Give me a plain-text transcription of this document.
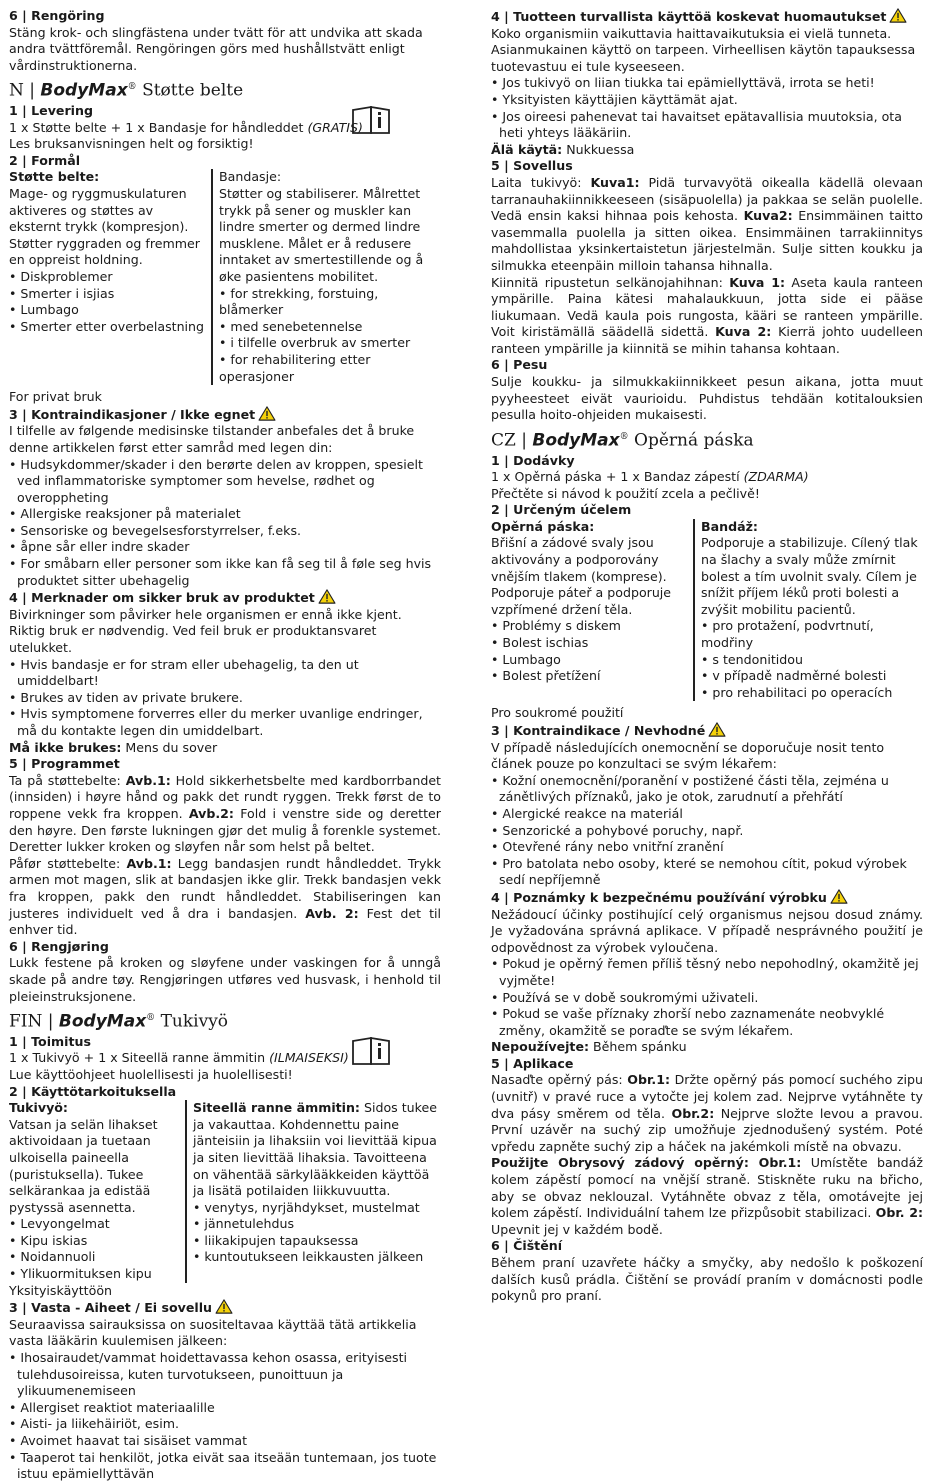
6 | Rengöring

Stäng krok- och slingfästena under tvätt för att undvika att skada andra tvättföremål. Rengöringen görs med hushållstvätt enligt vårdinstruktionerna.

N | BodyMax® Støtte belte

1 | Levering

1 x Støtte belte + 1 x Bandasje for håndleddet (GRATIS)

Les bruksanvisningen helt og forsiktig!

2 | Formål

Støtte belte:

Mage- og ryggmuskulaturen aktiveres og støttes av eksternt trykk (kompresjon). Støtter ryggraden og fremmer en oppreist holdning.

• Diskproblemer

• Smerter i isjias

• Lumbago

• Smerter etter overbelastning

Bandasje:

Støtter og stabiliserer. Målrettet trykk på sener og muskler kan lindre smerter og dermed lindre musklene. Målet er å redusere inntaket av smertestillende og å øke pasientens mobilitet.

• for strekking, forstuing, blåmerker

• med senebetennelse

• i tilfelle overbruk av smerter

• for rehabilitering etter operasjoner

For privat bruk

3 | Kontraindikasjoner / Ikke egnet

I tilfelle av følgende medisinske tilstander anbefales det å bruke denne artikkelen først etter samråd med legen din:

• Hudsykdommer/skader i den berørte delen av kroppen, spesielt ved inflammatoriske symptomer som hevelse, rødhet og overoppheting

• Allergiske reaksjoner på materialet

• Sensoriske og bevegelsesforstyrrelser, f.eks.

• åpne sår eller indre skader

• For småbarn eller personer som ikke kan få seg til å føle seg hvis produktet sitter ubehagelig

4 | Merknader om sikker bruk av produktet

Bivirkninger som påvirker hele organismen er ennå ikke kjent. Riktig bruk er nødvendig. Ved feil bruk er produktansvaret utelukket.

• Hvis bandasje er for stram eller ubehagelig, ta den ut umiddelbart!

• Brukes av tiden av private brukere.

• Hvis symptomene forverres eller du merker uvanlige endringer, må du kontakte legen din umiddelbart.

Må ikke brukes: Mens du sover

5 | Programmet

Ta på støttebelte: Avb.1: Hold sikkerhetsbelte med kardborrbandet (innsiden) i høyre hånd og pakk det rundt ryggen. Trekk først de to roppene vekk fra kroppen. Avb.2: Fold i venstre side og deretter den høyre. Den første lukningen gjør det mulig å forenkle systemet. Deretter lukker kroken og sløyfen når som helst på beltet.

Påfør støttebelte: Avb.1: Legg bandasjen rundt håndleddet. Trykk armen mot magen, slik at bandasjen ikke glir. Trekk bandasjen vekk fra kroppen, pakk den rundt håndleddet. Stabiliseringen kan justeres individuelt ved å dra i bandasjen. Avb. 2: Fest det til enhver tid.

6 | Rengjøring

Lukk festene på kroken og sløyfene under vaskingen for å unngå skade på andre tøy. Rengjøringen utføres ved husvask, i henhold til pleieinstruksjonene.

FIN | BodyMax® Tukivyö

1 | Toimitus

1 x Tukivyö + 1 x Siteellä ranne ämmitin (ILMAISEKSI)

Lue käyttöohjeet huolellisesti ja huolellisesti!

2 | Käyttötarkoituksella

Tukivyö:

Vatsan ja selän lihakset aktivoidaan ja tuetaan ulkoisella paineella (puristuksella). Tukee selkärankaa ja edistää pystyssä asennetta.

• Levyongelmat

• Kipu iskias

• Noidannuoli

• Ylikuormituksen kipu

Siteellä ranne ämmitin: Sidos tukee ja vakauttaa. Kohdennettu paine jänteisiin ja lihaksiin voi lievittää kipua ja siten lievittää lihaksia. Tavoitteena on vähentää särkylääkkeiden käyttöä ja lisätä potilaiden liikkuvuutta.

• venytys, nyrjähdykset, mustelmat

• jännetulehdus

• liikakipujen tapauksessa

• kuntoutukseen leikkausten jälkeen

Yksityiskäyttöön

3 | Vasta - Aiheet / Ei sovellu

Seuraavissa sairauksissa on suositeltavaa käyttää tätä artikkelia vasta lääkärin kuulemisen jälkeen:

• Ihosairaudet/vammat hoidettavassa kehon osassa, erityisesti tulehdusoireissa, kuten turvotukseen, punoittuun ja ylikuumenemiseen

• Allergiset reaktiot materiaalille

• Aisti- ja liikehäiriöt, esim.

• Avoimet haavat tai sisäiset vammat

• Taaperot tai henkilöt, jotka eivät saa itseään tuntemaan, jos tuote istuu epämiellyttävän

4 | Tuotteen turvallista käyttöä koskevat huomautukset

Koko organismiin vaikuttavia haittavaikutuksia ei vielä tunneta. Asianmukainen käyttö on tarpeen. Virheellisen käytön tapauksessa tuotevastuu ei tule kyseeseen.

• Jos tukivyö on liian tiukka tai epämiellyttävä, irrota se heti!

• Yksityisten käyttäjien käyttämät ajat.

• Jos oireesi pahenevat tai havaitset epätavallisia muutoksia, ota heti yhteys lääkäriin.

Älä käytä: Nukkuessa

5 | Sovellus

Laita tukivyö: Kuva1: Pidä turvavyötä oikealla kädellä olevaan tarranauhakiinnikkeeseen (sisäpuolella) ja pakkaa se selän puolelle. Vedä ensin kaksi hihnaa pois kehosta. Kuva2: Ensimmäinen taitto vasemmalla puolella ja sitten oikea. Ensimmäinen tarrakiinnitys mahdollistaa yksinkertaistetun järjestelmän. Sulje sitten koukku ja silmukka eteenpäin milloin tahansa hihnalla.

Kiinnitä ripustetun selkänojahihnan: Kuva 1: Aseta kaula ranteen ympärille. Paina kätesi mahalaukkuun, jotta side ei pääse liukumaan. Vedä kaula pois rungosta, kääri se ranteen ympärille. Voit kiristämällä säädellä sidettä. Kuva 2: Kierrä johto uudelleen ranteen ympärille ja kiinnitä se mihin tahansa kohtaan.

6 | Pesu

Sulje koukku- ja silmukkakiinnikkeet pesun aikana, jotta muut pyyheesteet eivät vaurioidu. Puhdistus tehdään kotitalouksien pesulla hoito-ohjeiden mukaisesti.

CZ | BodyMax® Opěrná páska

1 | Dodávky

1 x Opěrná páska + 1 x Bandaz zápestí (ZDARMA)

Přečtěte si návod k použití zcela a pečlivě!

2 | Určeným účelem

Opěrná páska:

Břišní a zádové svaly jsou aktivovány a podporovány vnějším tlakem (komprese). Podporuje páteř a podporuje vzpřímené držení těla.

• Problémy s diskem

• Bolest ischias

• Lumbago

• Bolest přetížení

Bandáž:

Podporuje a stabilizuje. Cílený tlak na šlachy a svaly může zmírnit bolest a tím uvolnit svaly. Cílem je snížit příjem léků proti bolesti a zvýšit mobilitu pacientů.

• pro protažení, podvrtnutí, modřiny

• s tendonitidou

• v případě nadměrné bolesti

• pro rehabilitaci po operacích

Pro soukromé použití

3 | Kontraindikace / Nevhodné

V případě následujících onemocnění se doporučuje nosit tento článek pouze po konzultaci se svým lékařem:

• Kožní onemocnění/poranění v postižené části těla, zejména u zánětlivých příznaků, jako je otok, zarudnutí a přehřátí

• Alergické reakce na materiál

• Senzorické a pohybové poruchy, např.

• Otevřené rány nebo vnitřní zranění

• Pro batolata nebo osoby, které se nemohou cítit, pokud výrobek sedí nepříjemně

4 | Poznámky k bezpečnému používání výrobku

Nežádoucí účinky postihující celý organismus nejsou dosud známy. Je vyžadována správná aplikace. V případě nesprávného použití je odpovědnost za výrobek vyloučena.

• Pokud je opěrný řemen příliš těsný nebo nepohodlný, okamžitě jej vyjměte!

• Používá se v době soukromými uživateli.

• Pokud se vaše příznaky zhorší nebo zaznamenáte neobvyklé změny, okamžitě se poraďte se svým lékařem.

Nepoužívejte: Během spánku

5 | Aplikace

Nasaďte opěrný pás: Obr.1: Držte opěrný pás pomocí suchého zipu (uvnitř) v pravé ruce a vytočte jej kolem zad. Nejprve vytáhněte ty dva pásy směrem od těla. Obr.2: Nejprve složte levou a pravou. První uzávěr na suchý zip umožňuje zjednodušený systém. Poté vpředu zapněte suchý zip a háček na jakémkoli místě na obvazu.

Použijte Obrysový zádový opěrný: Obr.1: Umístěte bandáž kolem zápěstí pomocí na vnější straně. Stiskněte ruku na břicho, aby se obvaz neklouzal. Vytáhněte obvaz z těla, omotávejte jej kolem zápěstí. Individuální tahem lze přizpůsobit stabilizaci. Obr. 2: Upevnit jej v každém bodě.

6 | Čištění

Během praní uzavřete háčky a smyčky, aby nedošlo k poškození dalších kusů prádla. Čištění se provádí praním v domácnosti podle pokynů pro praní.
